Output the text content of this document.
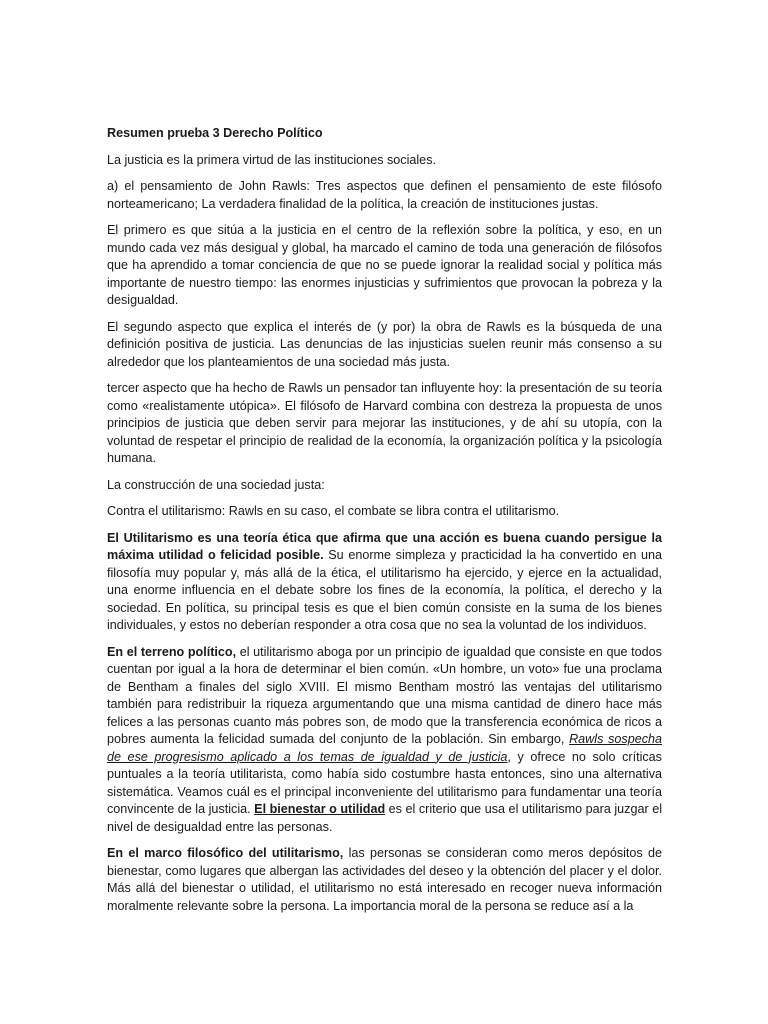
Resumen prueba 3 Derecho Político

La justicia es la primera virtud de las instituciones sociales.

a) el pensamiento de John Rawls: Tres aspectos que definen el pensamiento de este filósofo norteamericano; La verdadera finalidad de la política, la creación de instituciones justas.

El primero es que sitúa a la justicia en el centro de la reflexión sobre la política, y eso, en un mundo cada vez más desigual y global, ha marcado el camino de toda una generación de filósofos que ha aprendido a tomar conciencia de que no se puede ignorar la realidad social y política más importante de nuestro tiempo: las enormes injusticias y sufrimientos que provocan la pobreza y la desigualdad.

El segundo aspecto que explica el interés de (y por) la obra de Rawls es la búsqueda de una definición positiva de justicia. Las denuncias de las injusticias suelen reunir más consenso a su alrededor que los planteamientos de una sociedad más justa.

tercer aspecto que ha hecho de Rawls un pensador tan influyente hoy: la presentación de su teoría como «realistamente utópica». El filósofo de Harvard combina con destreza la propuesta de unos principios de justicia que deben servir para mejorar las instituciones, y de ahí su utopía, con la voluntad de respetar el principio de realidad de la economía, la organización política y la psicología humana.

La construcción de una sociedad justa:

Contra el utilitarismo: Rawls en su caso, el combate se libra contra el utilitarismo.

El Utilitarismo es una teoría ética que afirma que una acción es buena cuando persigue la máxima utilidad o felicidad posible. Su enorme simpleza y practicidad la ha convertido en una filosofía muy popular y, más allá de la ética, el utilitarismo ha ejercido, y ejerce en la actualidad, una enorme influencia en el debate sobre los fines de la economía, la política, el derecho y la sociedad. En política, su principal tesis es que el bien común consiste en la suma de los bienes individuales, y estos no deberían responder a otra cosa que no sea la voluntad de los individuos.

En el terreno político, el utilitarismo aboga por un principio de igualdad que consiste en que todos cuentan por igual a la hora de determinar el bien común. «Un hombre, un voto» fue una proclama de Bentham a finales del siglo XVIII. El mismo Bentham mostró las ventajas del utilitarismo también para redistribuir la riqueza argumentando que una misma cantidad de dinero hace más felices a las personas cuanto más pobres son, de modo que la transferencia económica de ricos a pobres aumenta la felicidad sumada del conjunto de la población. Sin embargo, Rawls sospecha de ese progresismo aplicado a los temas de igualdad y de justicia, y ofrece no solo críticas puntuales a la teoría utilitarista, como había sido costumbre hasta entonces, sino una alternativa sistemática. Veamos cuál es el principal inconveniente del utilitarismo para fundamentar una teoría convincente de la justicia. El bienestar o utilidad es el criterio que usa el utilitarismo para juzgar el nivel de desigualdad entre las personas.

En el marco filosófico del utilitarismo, las personas se consideran como meros depósitos de bienestar, como lugares que albergan las actividades del deseo y la obtención del placer y el dolor. Más allá del bienestar o utilidad, el utilitarismo no está interesado en recoger nueva información moralmente relevante sobre la persona. La importancia moral de la persona se reduce así a la
